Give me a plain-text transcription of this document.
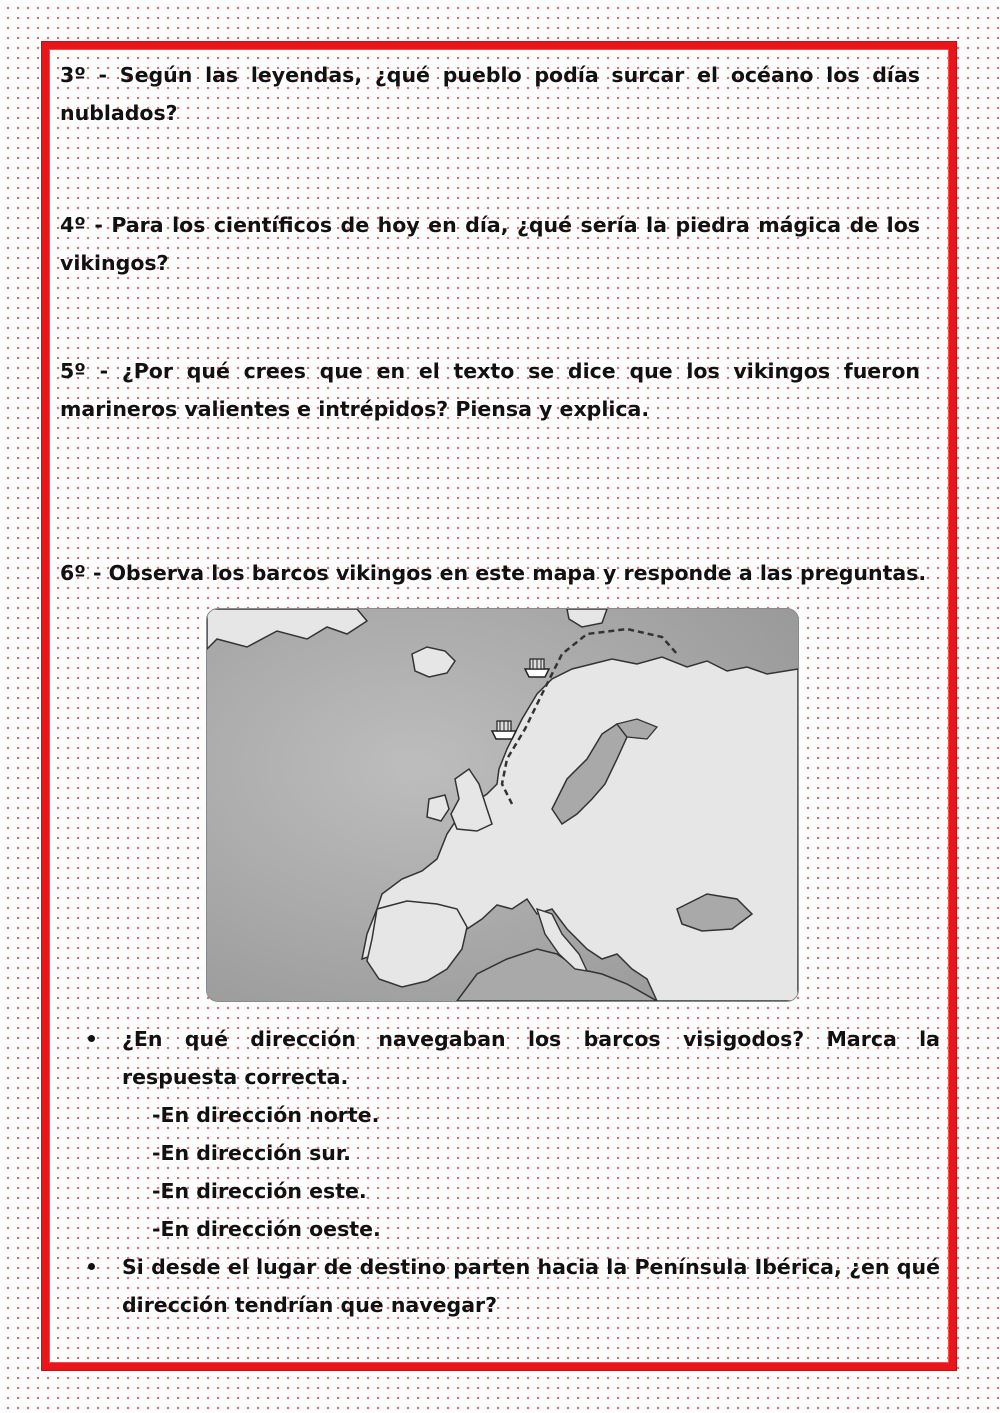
3º - Según las leyendas, ¿qué pueblo podía surcar el océano los días nublados?

4º - Para los científicos de hoy en día, ¿qué sería la piedra mágica de los vikingos?

5º - ¿Por qué crees que en el texto se dice que los vikingos fueron marineros valientes e intrépidos? Piensa y explica.

6º - Observa los barcos vikingos en este mapa y responde a las preguntas.

¿En qué dirección navegaban los barcos visigodos? Marca la respuesta correcta.
-En dirección norte.
-En dirección sur.
-En dirección este.
-En dirección oeste.
Si desde el lugar de destino parten hacia la Península Ibérica, ¿en qué dirección tendrían que navegar?
